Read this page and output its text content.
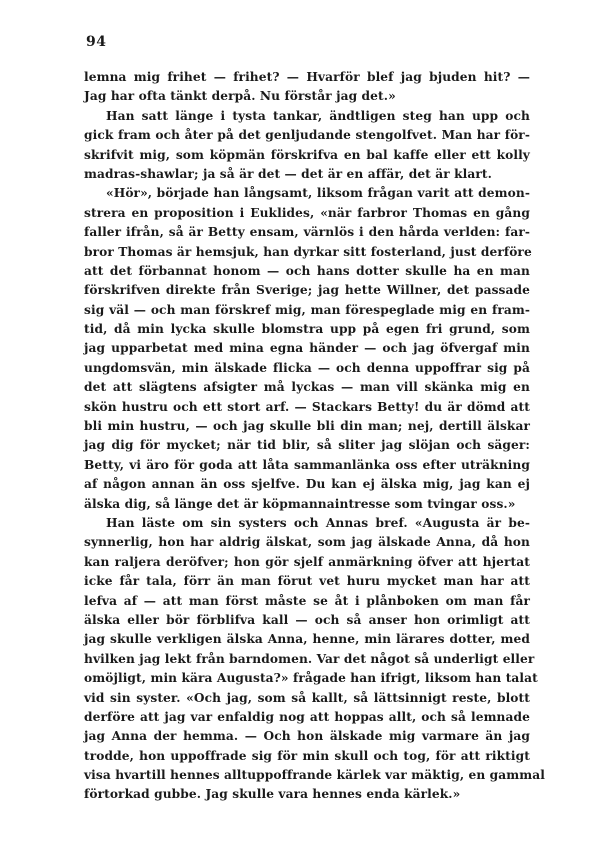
94
lemna mig frihet — frihet? — Hvarför blef jag bjuden hit? —
Jag har ofta tänkt derpå. Nu förstår jag det.»
Han satt länge i tysta tankar, ändtligen steg han upp och
gick fram och åter på det genljudande stengolfvet. Man har för-
skrifvit mig, som köpmän förskrifva en bal kaffe eller ett kolly
madras-shawlar; ja så är det — det är en affär, det är klart.
«Hör», började han långsamt, liksom frågan varit att demon-
strera en proposition i Euklides, «när farbror Thomas en gång
faller ifrån, så är Betty ensam, värnlös i den hårda verlden: far-
bror Thomas är hemsjuk, han dyrkar sitt fosterland, just derföre
att det förbannat honom — och hans dotter skulle ha en man
förskrifven direkte från Sverige; jag hette Willner, det passade
sig väl — och man förskref mig, man förespeglade mig en fram-
tid, då min lycka skulle blomstra upp på egen fri grund, som
jag upparbetat med mina egna händer — och jag öfvergaf min
ungdomsvän, min älskade flicka — och denna uppoffrar sig på
det att slägtens afsigter må lyckas — man vill skänka mig en
skön hustru och ett stort arf. — Stackars Betty! du är dömd att
bli min hustru, — och jag skulle bli din man; nej, dertill älskar
jag dig för mycket; när tid blir, så sliter jag slöjan och säger:
Betty, vi äro för goda att låta sammanlänka oss efter uträkning
af någon annan än oss sjelfve. Du kan ej älska mig, jag kan ej
älska dig, så länge det är köpmannaintresse som tvingar oss.»
Han läste om sin systers och Annas bref. «Augusta är be-
synnerlig, hon har aldrig älskat, som jag älskade Anna, då hon
kan raljera deröfver; hon gör sjelf anmärkning öfver att hjertat
icke får tala, förr än man förut vet huru mycket man har att
lefva af — att man först måste se åt i plånboken om man får
älska eller bör förblifva kall — och så anser hon orimligt att
jag skulle verkligen älska Anna, henne, min lärares dotter, med
hvilken jag lekt från barndomen. Var det något så underligt eller
omöjligt, min kära Augusta?» frågade han ifrigt, liksom han talat
vid sin syster. «Och jag, som så kallt, så lättsinnigt reste, blott
derföre att jag var enfaldig nog att hoppas allt, och så lemnade
jag Anna der hemma. — Och hon älskade mig varmare än jag
trodde, hon uppoffrade sig för min skull och tog, för att riktigt
visa hvartill hennes alltuppoffrande kärlek var mäktig, en gammal
förtorkad gubbe. Jag skulle vara hennes enda kärlek.»
